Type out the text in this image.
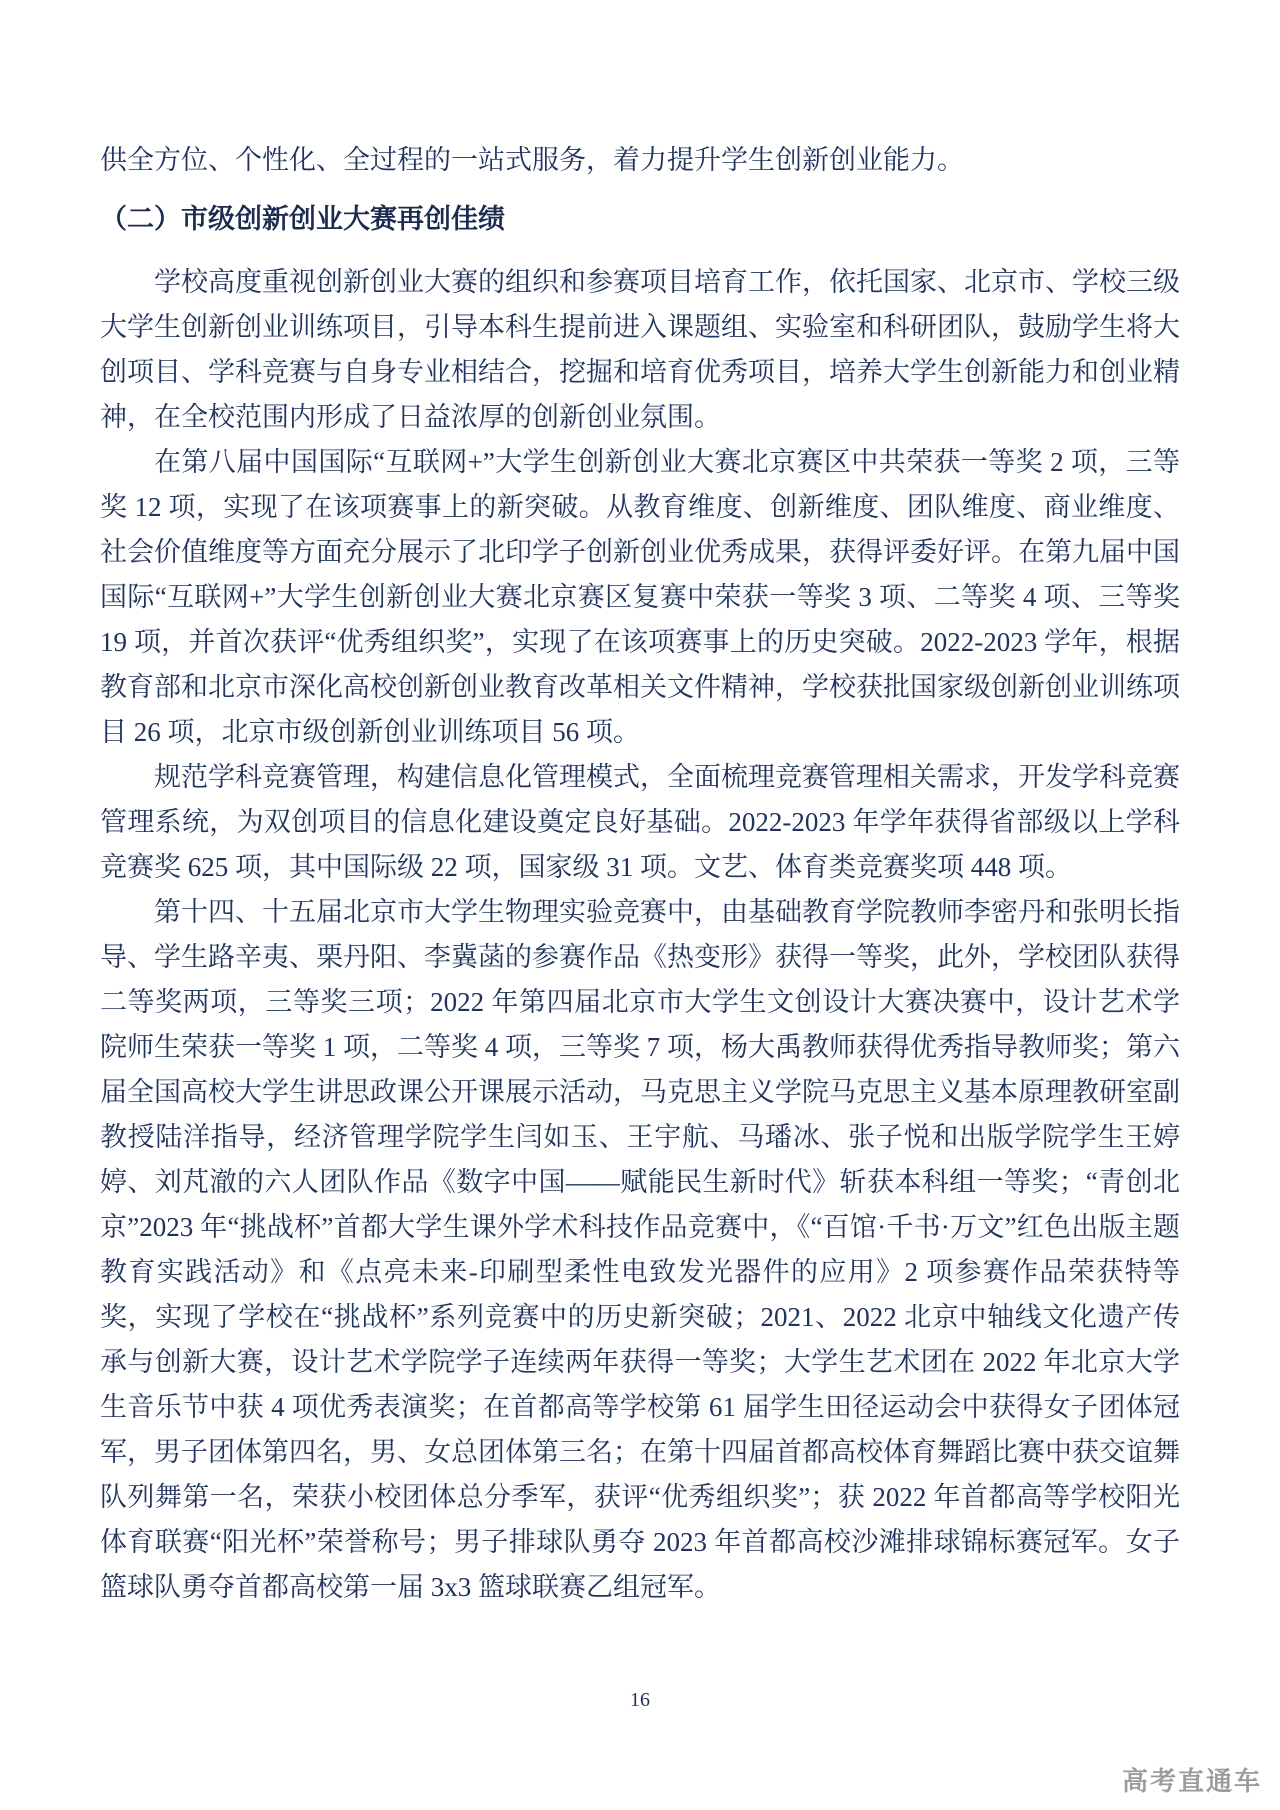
供全方位、个性化、全过程的一站式服务，着力提升学生创新创业能力。

（二）市级创新创业大赛再创佳绩

学校高度重视创新创业大赛的组织和参赛项目培育工作，依托国家、北京市、学校三级大学生创新创业训练项目，引导本科生提前进入课题组、实验室和科研团队，鼓励学生将大创项目、学科竞赛与自身专业相结合，挖掘和培育优秀项目，培养大学生创新能力和创业精神，在全校范围内形成了日益浓厚的创新创业氛围。

在第八届中国国际“互联网+”大学生创新创业大赛北京赛区中共荣获一等奖 2 项，三等奖 12 项，实现了在该项赛事上的新突破。从教育维度、创新维度、团队维度、商业维度、社会价值维度等方面充分展示了北印学子创新创业优秀成果，获得评委好评。在第九届中国国际“互联网+”大学生创新创业大赛北京赛区复赛中荣获一等奖 3 项、二等奖 4 项、三等奖 19 项，并首次获评“优秀组织奖”，实现了在该项赛事上的历史突破。2022-2023 学年，根据教育部和北京市深化高校创新创业教育改革相关文件精神，学校获批国家级创新创业训练项目 26 项，北京市级创新创业训练项目 56 项。

规范学科竞赛管理，构建信息化管理模式，全面梳理竞赛管理相关需求，开发学科竞赛管理系统，为双创项目的信息化建设奠定良好基础。2022-2023 年学年获得省部级以上学科竞赛奖 625 项，其中国际级 22 项，国家级 31 项。文艺、体育类竞赛奖项 448 项。

第十四、十五届北京市大学生物理实验竞赛中，由基础教育学院教师李密丹和张明长指导、学生路辛夷、栗丹阳、李冀菡的参赛作品《热变形》获得一等奖，此外，学校团队获得二等奖两项，三等奖三项；2022 年第四届北京市大学生文创设计大赛决赛中，设计艺术学院师生荣获一等奖 1 项，二等奖 4 项，三等奖 7 项，杨大禹教师获得优秀指导教师奖；第六届全国高校大学生讲思政课公开课展示活动，马克思主义学院马克思主义基本原理教研室副教授陆洋指导，经济管理学院学生闫如玉、王宇航、马璠冰、张子悦和出版学院学生王婷婷、刘芃澈的六人团队作品《数字中国——赋能民生新时代》斩获本科组一等奖；“青创北京”2023 年“挑战杯”首都大学生课外学术科技作品竞赛中，《“百馆·千书·万文”红色出版主题教育实践活动》和《点亮未来-印刷型柔性电致发光器件的应用》2 项参赛作品荣获特等奖，实现了学校在“挑战杯”系列竞赛中的历史新突破；2021、2022 北京中轴线文化遗产传承与创新大赛，设计艺术学院学子连续两年获得一等奖；大学生艺术团在 2022 年北京大学生音乐节中获 4 项优秀表演奖；在首都高等学校第 61 届学生田径运动会中获得女子团体冠军，男子团体第四名，男、女总团体第三名；在第十四届首都高校体育舞蹈比赛中获交谊舞队列舞第一名，荣获小校团体总分季军，获评“优秀组织奖”；获 2022 年首都高等学校阳光体育联赛“阳光杯”荣誉称号；男子排球队勇夺 2023 年首都高校沙滩排球锦标赛冠军。女子篮球队勇夺首都高校第一届 3x3 篮球联赛乙组冠军。

16
高考直通车
